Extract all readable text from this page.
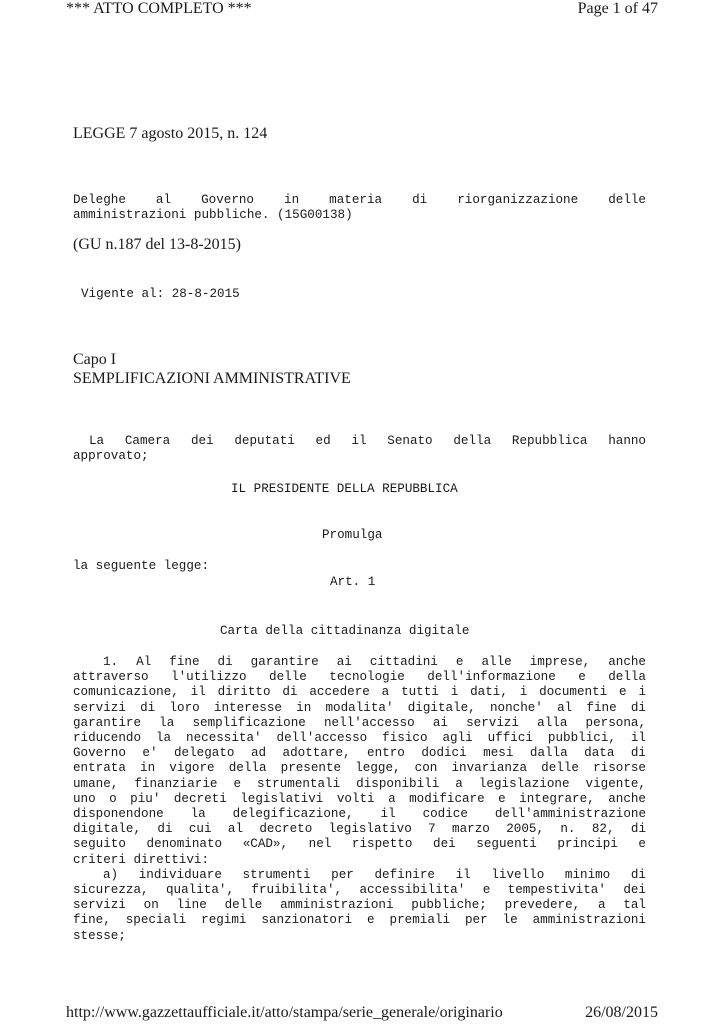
*** ATTO COMPLETO ***	Page 1 of 47
LEGGE 7 agosto 2015, n. 124
Deleghe al Governo in materia di riorganizzazione delle
amministrazioni pubbliche. (15G00138)
(GU n.187 del 13-8-2015)
Vigente al: 28-8-2015
Capo I
SEMPLIFICAZIONI AMMINISTRATIVE
La Camera dei deputati ed il Senato della Repubblica hanno
approvato;
IL PRESIDENTE DELLA REPUBBLICA
Promulga
la seguente legge:
Art. 1
Carta della cittadinanza digitale
1. Al fine di garantire ai cittadini e alle imprese, anche
attraverso l'utilizzo delle tecnologie dell'informazione e della
comunicazione, il diritto di accedere a tutti i dati, i documenti e i
servizi di loro interesse in modalita' digitale, nonche' al fine di
garantire la semplificazione nell'accesso ai servizi alla persona,
riducendo la necessita' dell'accesso fisico agli uffici pubblici, il
Governo e' delegato ad adottare, entro dodici mesi dalla data di
entrata in vigore della presente legge, con invarianza delle risorse
umane, finanziarie e strumentali disponibili a legislazione vigente,
uno o piu' decreti legislativi volti a modificare e integrare, anche
disponendone la delegificazione, il codice dell'amministrazione
digitale, di cui al decreto legislativo 7 marzo 2005, n. 82, di
seguito denominato «CAD», nel rispetto dei seguenti principi e
criteri direttivi:
a) individuare strumenti per definire il livello minimo di
sicurezza, qualita', fruibilita', accessibilita' e tempestivita' dei
servizi on line delle amministrazioni pubbliche; prevedere, a tal
fine, speciali regimi sanzionatori e premiali per le amministrazioni
stesse;
http://www.gazzettaufficiale.it/atto/stampa/serie_generale/originario	26/08/2015
